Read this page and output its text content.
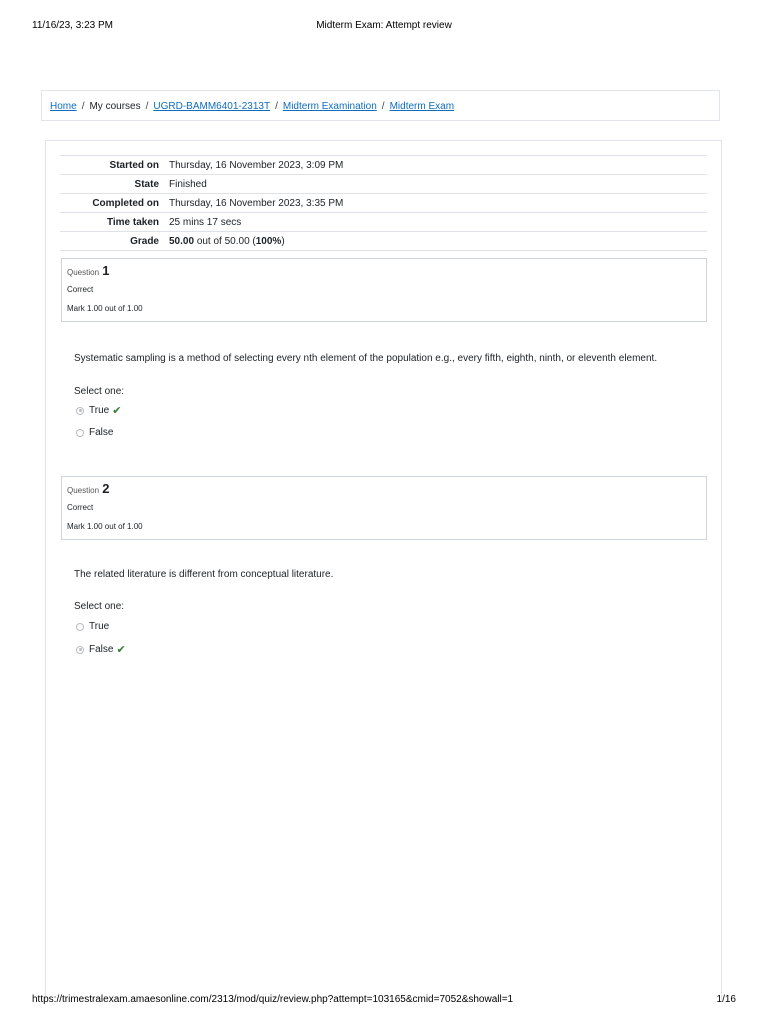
11/16/23, 3:23 PM	Midterm Exam: Attempt review
Home / My courses / UGRD-BAMM6401-2313T / Midterm Examination / Midterm Exam
Started on	Thursday, 16 November 2023, 3:09 PM
State	Finished
Completed on	Thursday, 16 November 2023, 3:35 PM
Time taken	25 mins 17 secs
Grade	50.00 out of 50.00 (100%)
Question 1
Correct
Mark 1.00 out of 1.00
Systematic sampling is a method of selecting every nth element of the population e.g., every fifth, eighth, ninth, or eleventh element.
Select one:
True ✔
False
Question 2
Correct
Mark 1.00 out of 1.00
The related literature is different from conceptual literature.
Select one:
True
False ✔
https://trimestralexam.amaesonline.com/2313/mod/quiz/review.php?attempt=103165&cmid=7052&showall=1	1/16
